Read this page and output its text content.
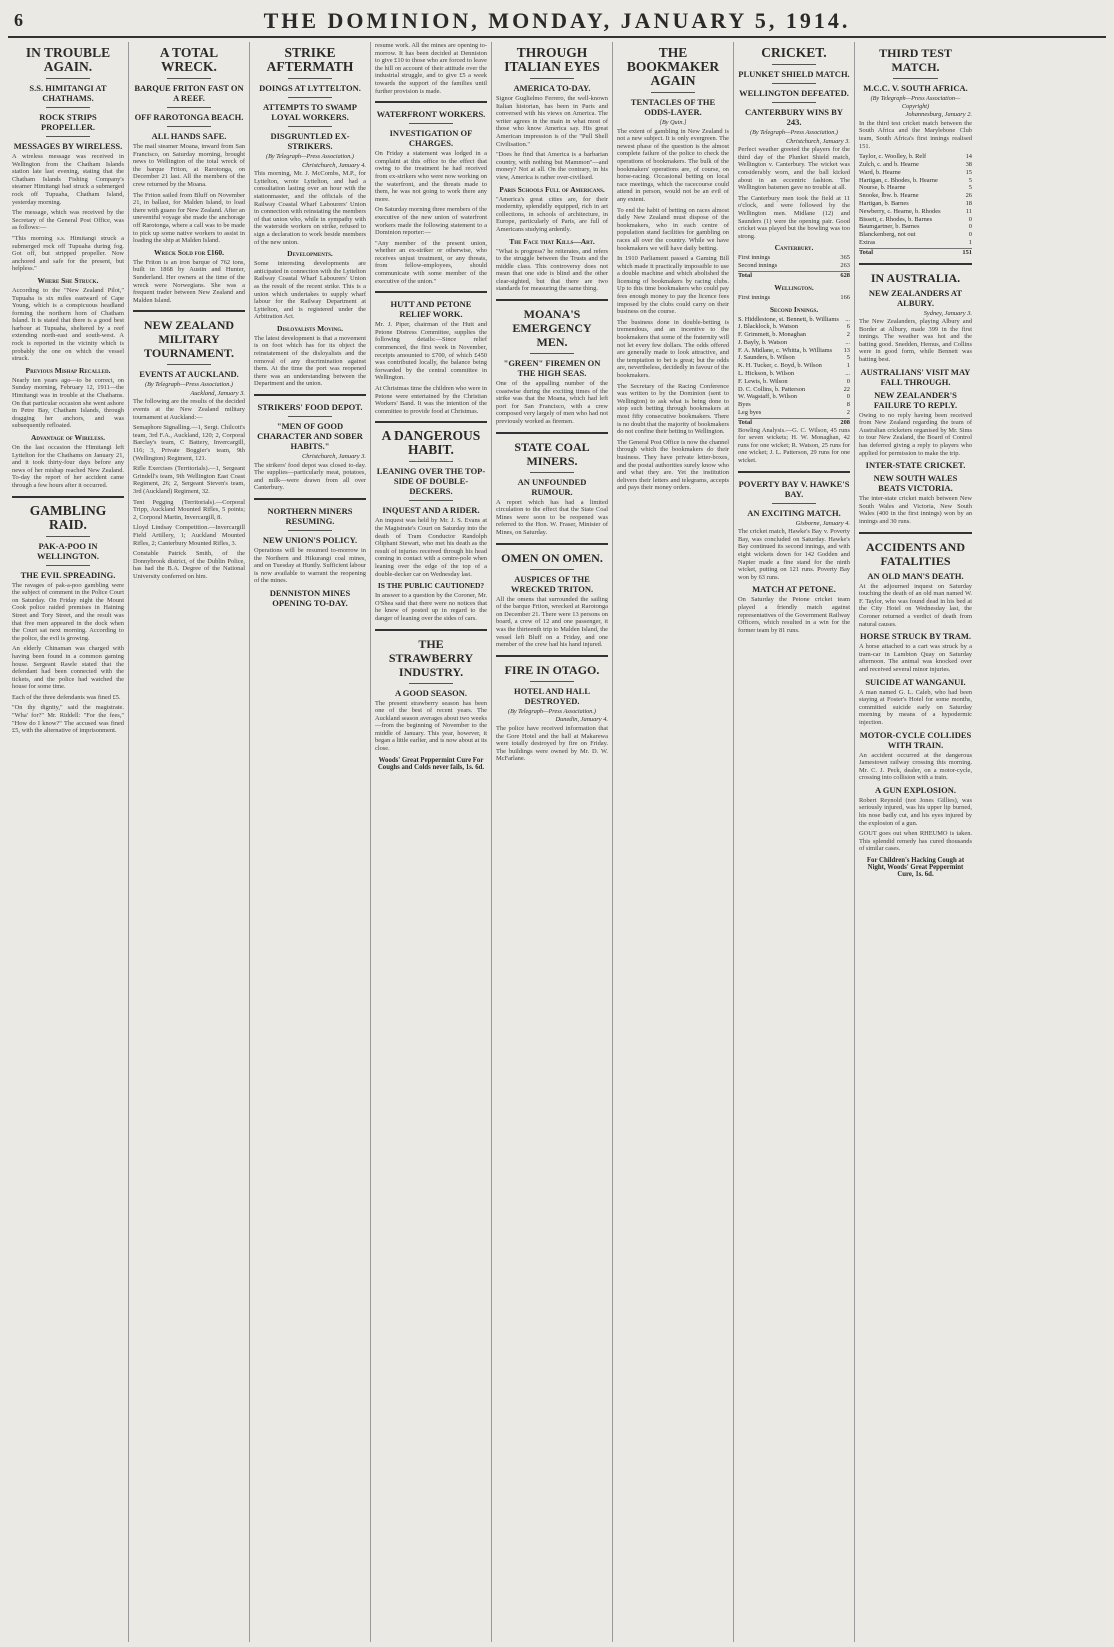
6	THE DOMINION, MONDAY, JANUARY 5, 1914.
IN TROUBLE AGAIN.
S.S. HIMITANGI AT CHATHAMS.
ROCK STRIPS PROPELLER.
MESSAGES BY WIRELESS.

A wireless message was received in Wellington from the Chatham Islands station late last evening, stating that the Chatham Islands Fishing Company's steamer Himitangi had struck a submerged rock off Tupuaha, Chatham Island, yesterday morning.

The message, which was received by the Secretary of the General Post Office, was as follows:—

"This morning s.s. Himitangi struck a submerged rock off Tupuaha during fog. Got off, but stripped propeller. Now anchored and safe for the present, but helpless."

Where She Struck.

According to the "New Zealand Pilot," Tupuaha is six miles eastward of Cape Young, which is a conspicuous headland forming the northern horn of Chatham Island. It is stated that there is a good best harbour at Tupuaha, sheltered by a reef extending north-east and south-west. A rock is reported in the vicinity which is probably the one on which the vessel struck.

Previous Mishap Recalled.

Nearly ten years ago—to be correct, on Sunday morning, February 12, 1911—the Himitangi was in trouble at the Chathams. On that particular occasion she went ashore in Petre Bay, Chatham Islands, through dragging her anchors, and was subsequently refloated.

Advantage of Wireless.

On the last occasion the Himitangi left Lyttelton for the Chathams on January 21, and it took thirty-four days before any news of her mishap reached New Zealand. To-day the report of her accident came through a few hours after it occurred.

GAMBLING RAID.
PAK-A-POO IN WELLINGTON.
THE EVIL SPREADING.

The ravages of pak-a-poo gambling were the subject of comment in the Police Court on Saturday. On Friday night the Mount Cook police raided premises in Haining Street and Tory Street, and the result was that five men appeared in the dock when the Court sat next morning. According to the police, the evil is growing.

An elderly Chinaman was charged with having been found in a common gaming house. Sergeant Rawle stated that the defendant had been connected with the tickets, and the police had watched the house for some time.

Each of the three defendants was fined £5.

"On thy dignity," said the magistrate. "Wha' for?" Mr. Riddell: "For the fees," "How do I know?" The accused was fined £5, with the alternative of imprisonment.

A TOTAL WRECK.
BARQUE FRITON FAST ON A REEF.
OFF RAROTONGA BEACH.
ALL HANDS SAFE.

The mail steamer Moana, inward from San Francisco, on Saturday morning, brought news to Wellington of the total wreck of the barque Friton, at Rarotonga, on December 21 last. All the members of the crew returned by the Moana.

The Friton sailed from Bluff on November 21, in ballast, for Malden Island, to load there with guano for New Zealand. After an uneventful voyage she made the anchorage off Rarotonga, where a call was to be made to pick up some native workers to assist in loading the ship at Malden Island.

Wreck Sold for £160.

The Friton is an iron barque of 762 tons, built in 1868 by Austin and Hunter, Sunderland. Her owners at the time of the wreck were Norwegians. She was a frequent trader between New Zealand and Malden Island.

NEW ZEALAND MILITARY TOURNAMENT.
EVENTS AT AUCKLAND.
(By Telegraph—Press Association.)
Auckland, January 3.

The following are the results of the decided events at the New Zealand military tournament at Auckland:—

Semaphore Signalling.—1, Sergt. Chilcott's team, 3rd F.A., Auckland, 120; 2, Corporal Barclay's team, C Battery, Invercargill, 116; 3, Private Boggier's team, 9th (Wellington) Regiment, 121.

Rifle Exercises (Territorials).—1, Sergeant Grindell's team, 9th Wellington East Coast Regiment, 26; 2, Sergeant Steven's team, 3rd (Auckland) Regiment, 32.

Tent Pegging (Territorials).—Corporal Tripp, Auckland Mounted Rifles, 5 points; 2, Corporal Martin, Invercargill, 8.

Lloyd Lindsay Competition.—Invercargill Field Artillery, 1; Auckland Mounted Rifles, 2; Canterbury Mounted Rifles, 3.

Constable Patrick Smith, of the Donnybrook district, of the Dublin Police, has had the B.A. Degree of the National University conferred on him.

STRIKE AFTERMATH
DOINGS AT LYTTELTON.
ATTEMPTS TO SWAMP LOYAL WORKERS.
DISGRUNTLED EX-STRIKERS.
(By Telegraph—Press Association.)
Christchurch, January 4.

This morning, Mr. J. McCombs, M.P., for Lyttelton, wrote Lyttelton, and had a consultation lasting over an hour with the stationmaster, and the officials of the Railway Coastal Wharf Labourers' Union in connection with reinstating the members of that union who, while in sympathy with the waterside workers on strike, refused to sign a declaration to work beside members of the new union.

Developments.

Some interesting developments are anticipated in connection with the Lyttelton Railway Coastal Wharf Labourers' Union as the result of the recent strike. This is a union which undertakes to supply wharf labour for the Railway Department at Lyttelton, and is registered under the Arbitration Act.

Disloyalists Moving.

The latest development is that a movement is on foot which has for its object the reinstatement of the disloyalists and the removal of any discrimination against them. At the time the port was reopened there was an understanding between the Department and the union.

STRIKERS' FOOD DEPOT.
"MEN OF GOOD CHARACTER AND SOBER HABITS."
Christchurch, January 3.

The strikers' food depot was closed to-day. The supplies—particularly meat, potatoes, and milk—were drawn from all over Canterbury.

NORTHERN MINERS RESUMING.
NEW UNION'S POLICY.

Operations will be resumed to-morrow in the Northern and Hikurangi coal mines, and on Tuesday at Huntly. Sufficient labour is now available to warrant the reopening of the mines.

DENNISTON MINES OPENING TO-DAY.

resume work. All the mines are opening to-morrow. It has been decided at Denniston to give £10 to those who are forced to leave the hill on account of their attitude over the industrial struggle, and to give £5 a week towards the support of the families until further provision is made.

WATERFRONT WORKERS.
INVESTIGATION OF CHARGES.

On Friday a statement was lodged in a complaint at this office to the effect that owing to the treatment he had received from ex-strikers who were now working on the waterfront, and the threats made to them, he was not going to work there any more.

On Saturday morning three members of the executive of the new union of waterfront workers made the following statement to a Dominion reporter:—

"Any member of the present union, whether an ex-striker or otherwise, who receives unjust treatment, or any threats, from fellow-employees, should communicate with some member of the executive of the union."

HUTT AND PETONE RELIEF WORK.

Mr. J. Piper, chairman of the Hutt and Petone Distress Committee, supplies the following details:—Since relief commenced, the first week in November, receipts amounted to £700, of which £450 was contributed locally, the balance being forwarded by the central committee in Wellington.

At Christmas time the children who were in Petone were entertained by the Christian Workers' Band. It was the intention of the committee to provide food at Christmas.

A DANGEROUS HABIT.
LEANING OVER THE TOP-SIDE OF DOUBLE-DECKERS.
INQUEST AND A RIDER.

An inquest was held by Mr. J. S. Evans at the Magistrate's Court on Saturday into the death of Tram Conductor Randolph Oliphant Stewart, who met his death as the result of injuries received through his head coming in contact with a centre-pole when leaning over the edge of the top of a double-decker car on Wednesday last.

IS THE PUBLIC CAUTIONED?

In answer to a question by the Coroner, Mr. O'Shea said that there were no notices that he knew of posted up in regard to the danger of leaning over the sides of cars.

THE STRAWBERRY INDUSTRY.
A GOOD SEASON.

The present strawberry season has been one of the best of recent years. The Auckland season averages about two weeks—from the beginning of November to the middle of January. This year, however, it began a little earlier, and is now about at its close.

Woods' Great Peppermint Cure For Coughs and Colds never fails, 1s. 6d.
THROUGH ITALIAN EYES
AMERICA TO-DAY.

Signor Guglielmo Ferrero, the well-known Italian historian, has been in Paris and conversed with his views on America. The writer agrees in the main in what most of those who know America say. His great American impression is of the "Pull Shell Civilisation."

"Does he find that America is a barbarian country, with nothing but Mammon"—and money? Not at all. On the contrary, in his view, America is rather over-civilised.

Paris Schools Full of Americans.

"America's great cities are, for their modernity, splendidly equipped, rich in art collections, in schools of architecture, in Europe, particularly of Paris, are full of Americans studying ardently.

The Face that Kills—Art.

"What is progress? he reiterates, and refers to the struggle between the Trusts and the middle class. This controversy does not mean that one side is blind and the other clear-sighted, but that there are two standards for measuring the same thing.

MOANA'S EMERGENCY MEN.
"GREEN" FIREMEN ON THE HIGH SEAS.

One of the appalling number of the coastwise during the exciting times of the strike was that the Moana, which had left port for San Francisco, with a crew composed very largely of men who had not previously worked as firemen.

STATE COAL MINERS.
AN UNFOUNDED RUMOUR.

A report which has had a limited circulation to the effect that the State Coal Mines were soon to be reopened was referred to the Hon. W. Fraser, Minister of Mines, on Saturday.

OMEN ON OMEN.
AUSPICES OF THE WRECKED TRITON.

All the omens that surrounded the sailing of the barque Friton, wrecked at Rarotonga on December 21. There were 13 persons on board, a crew of 12 and one passenger, it was the thirteenth trip to Malden Island, the vessel left Bluff on a Friday, and one member of the crew had his hand injured.

FIRE IN OTAGO.
HOTEL AND HALL DESTROYED.
(By Telegraph—Press Association.)
Dunedin, January 4.

The police have received information that the Gore Hotel and the hall at Makarewa were totally destroyed by fire on Friday. The buildings were owned by Mr. D. W. McFarlane.

THE BOOKMAKER AGAIN
TENTACLES OF THE ODDS-LAYER.
[By Quin.]

The extent of gambling in New Zealand is not a new subject. It is only evergreen. The newest phase of the question is the almost complete failure of the police to check the operations of bookmakers. The bulk of the bookmakers' operations are, of course, on horse-racing. Occasional betting on local race meetings, which the racecourse could attend in person, would not be an evil of any extent.

To end the habit of betting on races almost daily New Zealand must dispose of the bookmakers, who in each centre of population stand facilities for gambling on races all over the country. While we have bookmakers we will have daily betting.

In 1910 Parliament passed a Gaming Bill which made it practically impossible to use a double machine and which abolished the licensing of bookmakers by racing clubs. Up to this time bookmakers who could pay fees enough money to pay the licence fees imposed by the clubs could carry on their business on the course.

The business done in double-betting is tremendous, and an incentive to the bookmakers that some of the fraternity will not let every few dollars. The odds offered are generally made to look attractive, and the temptation to bet is great; but the odds are, nevertheless, decidedly in favour of the bookmakers.

The Secretary of the Racing Conference was written to by the Dominion (sent to Wellington) to ask what is being done to stop such betting through bookmakers at most fifty consecutive bookmakers. There is no doubt that the majority of bookmakers do not confine their betting to Wellington.

The General Post Office is now the channel through which the bookmakers do their business. They have private letter-boxes, and the postal authorities surely know who and what they are. Yet the institution delivers their letters and telegrams, accepts and pays their money orders.

CRICKET.
PLUNKET SHIELD MATCH.
WELLINGTON DEFEATED.
CANTERBURY WINS BY 243.
(By Telegraph—Press Association.)
Christchurch, January 3.

Perfect weather greeted the players for the third day of the Plunket Shield match, Wellington v. Canterbury. The wicket was considerably worn, and the ball kicked about in an eccentric fashion. The Wellington batsmen gave no trouble at all.

The Canterbury men took the field at 11 o'clock, and were followed by the Wellington men. Midlane (12) and Saunders (1) were the opening pair. Good cricket was played but the bowling was too strong.

Canterbury.
First innings	365
Second innings	263
Total	628
Wellington.
First innings	166
Second Innings.
S. Hiddlestone, st. Bennett, b. Williams ...
J. Blacklock, b. Watson	6
F. Grimmett, b. Monaghan	2
J. Bayly, b. Watson	...
F. A. Midlane, c. Whitta, b. Williams 13
J. Saunders, b. Wilson	5
K. H. Tucker, c. Boyd, b. Wilson	1
L. Hickson, b. Wilson	...
F. Lewis, b. Wilson	0
D. C. Collins, b. Patterson	22
W. Wagstaff, b. Wilson	0
Byes	8
Leg byes	2
Total	208

Bowling Analysis.—G. C. Wilson, 45 runs for seven wickets; H. W. Monaghan, 42 runs for one wicket; R. Watson, 25 runs for one wicket; J. L. Patterson, 29 runs for one wicket.

POVERTY BAY V. HAWKE'S BAY.
AN EXCITING MATCH.
Gisborne, January 4.

The cricket match, Hawke's Bay v. Poverty Bay, was concluded on Saturday. Hawke's Bay continued its second innings, and with eight wickets down for 142 Godden and Napier made a fine stand for the ninth wicket, putting on 121 runs. Poverty Bay won by 63 runs.

MATCH AT PETONE.

On Saturday the Petone cricket team played a friendly match against representatives of the Government Railway Officers, which resulted in a win for the former team by 81 runs.

THIRD TEST MATCH.
M.C.C. V. SOUTH AFRICA.
(By Telegraph—Press Association—Copyright)
Johannesburg, January 2.

In the third test cricket match between the South Africa and the Marylebone Club team, South Africa's first innings realised 151.

Taylor, c. Woolley, b. Relf	14
Zulch, c. and b. Hearne	38
Ward, b. Hearne	15
Hartigan, c. Bhodes, b. Hearne	5
Nourse, b. Hearne	5
Snooke, lbw. b. Hearne	26
Hartigan, b. Barnes	18
Newberry, c. Hearne, b. Rhodes	11
Bissett, c. Rhodes, b. Barnes	0
Baumgartner, b. Barnes	0
Blanckenberg, not out	0
Extras	1
Total	151
IN AUSTRALIA.
NEW ZEALANDERS AT ALBURY.
Sydney, January 3.

The New Zealanders, playing Albury and Border at Albury, made 399 in the first innings. The weather was hot and the batting good. Snedden, Hemus, and Collins were in good form, while Bennett was batting best.

AUSTRALIANS' VISIT MAY FALL THROUGH.
NEW ZEALANDER'S FAILURE TO REPLY.

Owing to no reply having been received from New Zealand regarding the team of Australian cricketers organised by Mr. Sims to tour New Zealand, the Board of Control has deferred giving a reply to players who applied for permission to make the trip.

INTER-STATE CRICKET.
NEW SOUTH WALES BEATS VICTORIA.

The inter-state cricket match between New South Wales and Victoria, New South Wales (400 in the first innings) won by an innings and 30 runs.

ACCIDENTS AND FATALITIES
AN OLD MAN'S DEATH.

At the adjourned inquest on Saturday touching the death of an old man named W. F. Taylor, who was found dead in his bed at the City Hotel on Wednesday last, the Coroner returned a verdict of death from natural causes.

HORSE STRUCK BY TRAM.

A horse attached to a cart was struck by a tram-car in Lambton Quay on Saturday afternoon. The animal was knocked over and received several minor injuries.

SUICIDE AT WANGANUI.

A man named G. L. Caleb, who had been staying at Foster's Hotel for some months, committed suicide early on Saturday morning by means of a hypodermic injection.

MOTOR-CYCLE COLLIDES WITH TRAIN.

An accident occurred at the dangerous Jamestown railway crossing this morning. Mr. C. J. Peck, dealer, on a motor-cycle, crossing into collision with a train.

A GUN EXPLOSION.

Robert Reynold (not Jones Gillies), was seriously injured, was his upper lip burned, his nose badly cut, and his eyes injured by the explosion of a gun.

GOUT goes out when RHEUMO is taken. This splendid remedy has cured thousands of similar cases.

For Children's Hacking Cough at Night, Woods' Great Peppermint Cure, 1s. 6d.
